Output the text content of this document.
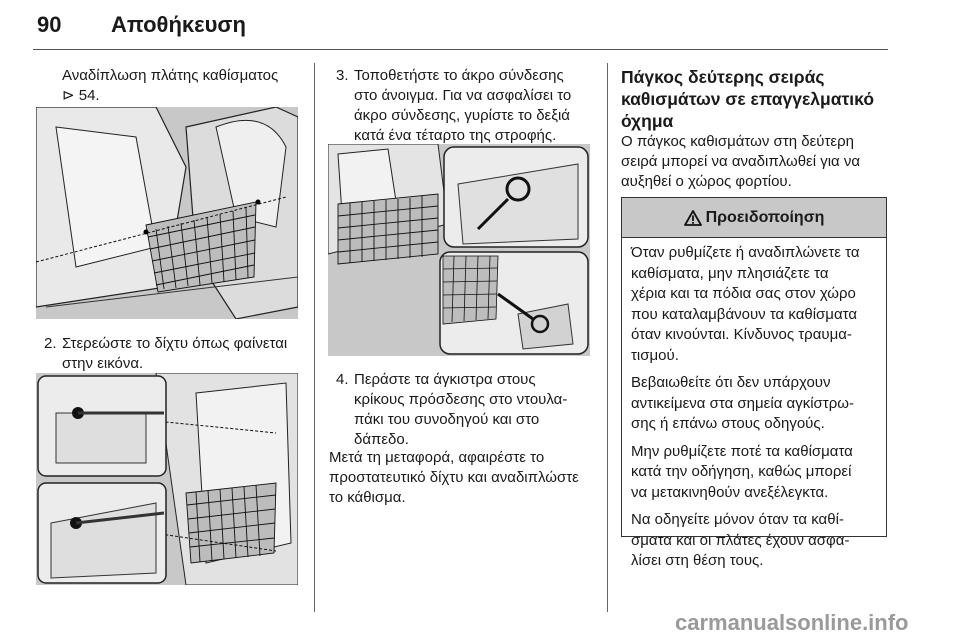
90 Αποθήκευση
Αναδίπλωση πλάτης καθίσματος
⊳ 54.
2. Στερεώστε το δίχτυ όπως φαίνεται
στην εικόνα.
3. Τοποθετήστε το άκρο σύνδεσης
στο άνοιγμα. Για να ασφαλίσει το
άκρο σύνδεσης, γυρίστε το δεξιά
κατά ένα τέταρτο της στροφής.
4. Περάστε τα άγκιστρα στους
κρίκους πρόσδεσης στο ντουλα-
πάκι του συνοδηγού και στο
δάπεδο.
Μετά τη μεταφορά, αφαιρέστε το
προστατευτικό δίχτυ και αναδιπλώστε
το κάθισμα.
Πάγκος δεύτερης σειράς
καθισμάτων σε επαγγελματικό
όχημα
Ο πάγκος καθισμάτων στη δεύτερη
σειρά μπορεί να αναδιπλωθεί για να
αυξηθεί ο χώρος φορτίου.
Προειδοποίηση

Όταν ρυθμίζετε ή αναδιπλώνετε τα
καθίσματα, μην πλησιάζετε τα
χέρια και τα πόδια σας στον χώρο
που καταλαμβάνουν τα καθίσματα
όταν κινούνται. Κίνδυνος τραυμα-
τισμού.

Βεβαιωθείτε ότι δεν υπάρχουν
αντικείμενα στα σημεία αγκίστρω-
σης ή επάνω στους οδηγούς.

Μην ρυθμίζετε ποτέ τα καθίσματα
κατά την οδήγηση, καθώς μπορεί
να μετακινηθούν ανεξέλεγκτα.

Να οδηγείτε μόνον όταν τα καθί-
σματα και οι πλάτες έχουν ασφα-
λίσει στη θέση τους.

carmanualsonline.info
